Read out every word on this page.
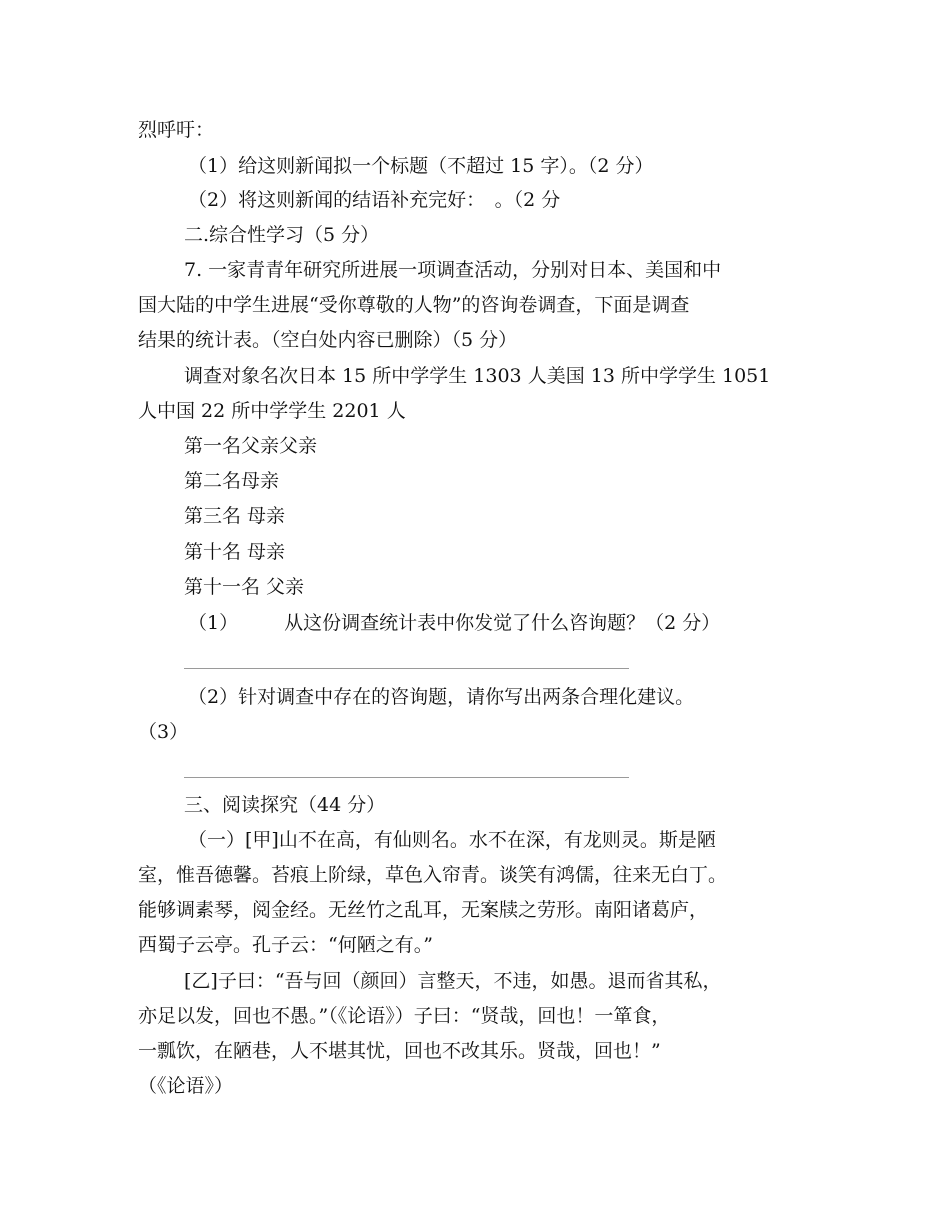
烈呼吁：
（1）给这则新闻拟一个标题（不超过 15 字）。（2 分）
（2）将这则新闻的结语补充完好：　。（2 分
二.综合性学习（5 分）
7. 一家青青年研究所进展一项调查活动，分别对日本、美国和中
国大陆的中学生进展“受你尊敬的人物”的咨询卷调查，下面是调查
结果的统计表。（空白处内容已删除）（5 分）
调查对象名次日本 15 所中学学生 1303 人美国 13 所中学学生 1051
人中国 22 所中学学生 2201 人
第一名父亲父亲
第二名母亲
第三名 母亲
第十名 母亲
第十一名 父亲
（1） 从这份调查统计表中你发觉了什么咨询题？（2 分）
（2）针对调查中存在的咨询题，请你写出两条合理化建议。
（3）
三、阅读探究（44 分）
（一）[甲]山不在高，有仙则名。水不在深，有龙则灵。斯是陋
室，惟吾德馨。苔痕上阶绿，草色入帘青。谈笑有鸿儒，往来无白丁。
能够调素琴，阅金经。无丝竹之乱耳，无案牍之劳形。南阳诸葛庐，
西蜀子云亭。孔子云：“何陋之有。”
[乙]子曰：“吾与回（颜回）言整天，不违，如愚。退而省其私，
亦足以发，回也不愚。”（《论语》）子曰：“贤哉，回也！一箪食，
一瓢饮，在陋巷，人不堪其忧，回也不改其乐。贤哉，回也！”
（《论语》）
